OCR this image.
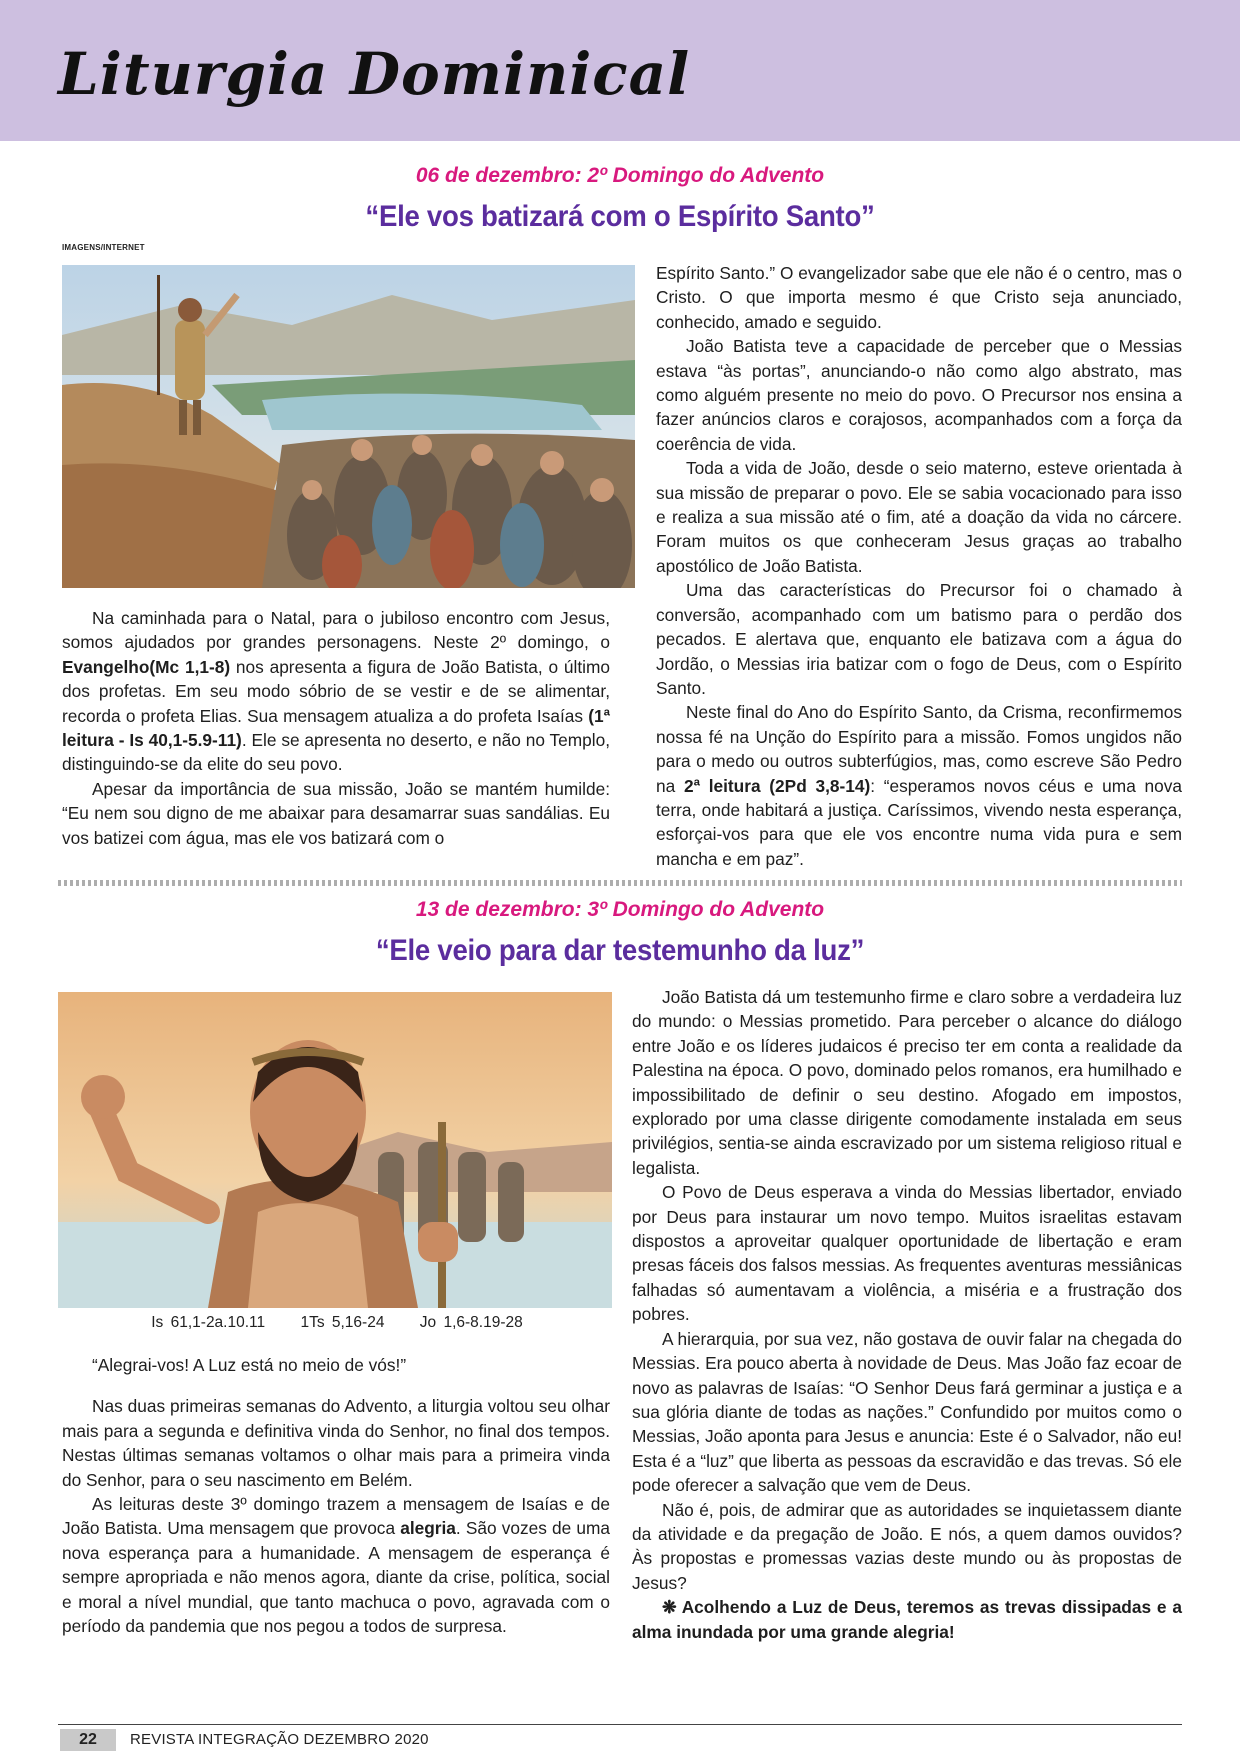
Liturgia Dominical
06 de dezembro: 2º Domingo do Advento
“Ele vos batizará com o Espírito Santo”
IMAGENS/INTERNET

Na caminhada para o Natal, para o jubiloso encontro com Jesus, somos ajudados por grandes personagens. Neste 2º domingo, o Evangelho(Mc 1,1-8) nos apresenta a figura de João Batista, o último dos profetas. Em seu modo sóbrio de se vestir e de se alimentar, recorda o profeta Elias. Sua mensagem atualiza a do profeta Isaías (1ª leitura - Is 40,1-5.9-11). Ele se apresenta no deserto, e não no Templo, distinguindo-se da elite do seu povo.

Apesar da importância de sua missão, João se mantém humilde: “Eu nem sou digno de me abaixar para desamarrar suas sandálias. Eu vos batizei com água, mas ele vos batizará com o

Espírito Santo.” O evangelizador sabe que ele não é o centro, mas o Cristo. O que importa mesmo é que Cristo seja anunciado, conhecido, amado e seguido.

João Batista teve a capacidade de perceber que o Messias estava “às portas”, anunciando-o não como algo abstrato, mas como alguém presente no meio do povo. O Precursor nos ensina a fazer anúncios claros e corajosos, acompanhados com a força da coerência de vida.

Toda a vida de João, desde o seio materno, esteve orientada à sua missão de preparar o povo. Ele se sabia vocacionado para isso e realiza a sua missão até o fim, até a doação da vida no cárcere. Foram muitos os que conheceram Jesus graças ao trabalho apostólico de João Batista.

Uma das características do Precursor foi o chamado à conversão, acompanhado com um batismo para o perdão dos pecados. E alertava que, enquanto ele batizava com a água do Jordão, o Messias iria batizar com o fogo de Deus, com o Espírito Santo.

Neste final do Ano do Espírito Santo, da Crisma, reconfirmemos nossa fé na Unção do Espírito para a missão. Fomos ungidos não para o medo ou outros subterfúgios, mas, como escreve São Pedro na 2ª leitura (2Pd 3,8-14): “esperamos novos céus e uma nova terra, onde habitará a justiça. Caríssimos, vivendo nesta esperança, esforçai-vos para que ele vos encontre numa vida pura e sem mancha e em paz”.

13 de dezembro: 3º Domingo do Advento
“Ele veio para dar testemunho da luz”
Is 61,1-2a.10.11 1Ts 5,16-24 Jo 1,6-8.19-28

“Alegrai-vos! A Luz está no meio de vós!”

Nas duas primeiras semanas do Advento, a liturgia voltou seu olhar mais para a segunda e definitiva vinda do Senhor, no final dos tempos. Nestas últimas semanas voltamos o olhar mais para a primeira vinda do Senhor, para o seu nascimento em Belém.

As leituras deste 3º domingo trazem a mensagem de Isaías e de João Batista. Uma mensagem que provoca alegria. São vozes de uma nova esperança para a humanidade. A mensagem de esperança é sempre apropriada e não menos agora, diante da crise, política, social e moral a nível mundial, que tanto machuca o povo, agravada com o período da pandemia que nos pegou a todos de surpresa.

João Batista dá um testemunho firme e claro sobre a verdadeira luz do mundo: o Messias prometido. Para perceber o alcance do diálogo entre João e os líderes judaicos é preciso ter em conta a realidade da Palestina na época. O povo, dominado pelos romanos, era humilhado e impossibilitado de definir o seu destino. Afogado em impostos, explorado por uma classe dirigente comodamente instalada em seus privilégios, sentia-se ainda escravizado por um sistema religioso ritual e legalista.

O Povo de Deus esperava a vinda do Messias libertador, enviado por Deus para instaurar um novo tempo. Muitos israelitas estavam dispostos a aproveitar qualquer oportunidade de libertação e eram presas fáceis dos falsos messias. As frequentes aventuras messiânicas falhadas só aumentavam a violência, a miséria e a frustração dos pobres.

A hierarquia, por sua vez, não gostava de ouvir falar na chegada do Messias. Era pouco aberta à novidade de Deus. Mas João faz ecoar de novo as palavras de Isaías: “O Senhor Deus fará germinar a justiça e a sua glória diante de todas as nações.” Confundido por muitos como o Messias, João aponta para Jesus e anuncia: Este é o Salvador, não eu! Esta é a “luz” que liberta as pessoas da escravidão e das trevas. Só ele pode oferecer a salvação que vem de Deus.

Não é, pois, de admirar que as autoridades se inquietassem diante da atividade e da pregação de João. E nós, a quem damos ouvidos? Às propostas e promessas vazias deste mundo ou às propostas de Jesus?

❋ Acolhendo a Luz de Deus, teremos as trevas dissipadas e a alma inundada por uma grande alegria!

22	REVISTA INTEGRAÇÃO DEZEMBRO 2020
